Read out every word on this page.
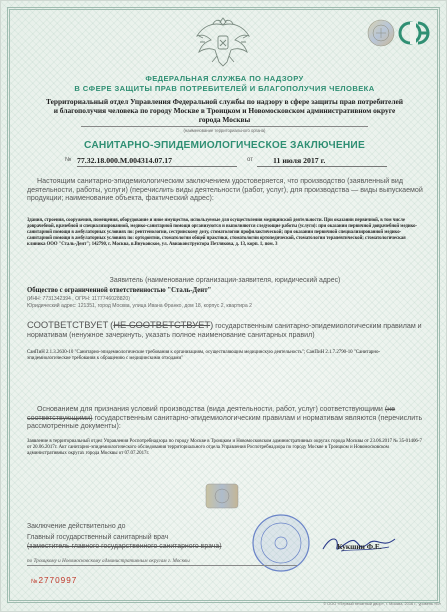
ФЕДЕРАЛЬНАЯ СЛУЖБА ПО НАДЗОРУ
В СФЕРЕ ЗАЩИТЫ ПРАВ ПОТРЕБИТЕЛЕЙ И БЛАГОПОЛУЧИЯ ЧЕЛОВЕКА
Территориальный отдел Управления Федеральной службы по надзору в сфере защиты прав потребителей
и благополучия человека по городу Москве в Троицком и Новомосковском административном округе
города Москвы
(наименование территориального органа)
САНИТАРНО-ЭПИДЕМИОЛОГИЧЕСКОЕ ЗАКЛЮЧЕНИЕ
№ 77.32.18.000.М.004314.07.17	от	11 июля 2017 г.
Настоящим санитарно-эпидемиологическим заключением удостоверяется, что производство (заявленный вид деятельности, работы, услуги) (перечислить виды деятельности (работ, услуг), для производства — виды выпускаемой продукции; наименование объекта, фактический адрес):
Здания, строения, сооружения, помещения, оборудование и иное имущество, используемые для осуществления медицинской деятельности. При оказании первичной, в том числе доврачебной, врачебной и специализированной, медико-санитарной помощи организуются и выполняются следующие работы (услуги): при оказании первичной доврачебной медико-санитарной помощи в амбулаторных условиях по: рентгенологии, сестринскому делу, стоматологии профилактической; при оказании первичной специализированной медико-санитарной помощи в амбулаторных условиях по: ортодонтии, стоматологии общей практики, стоматологии ортопедической, стоматологии терапевтической; стоматологическая клиника ООО "Сталь-Дент"; 142790, г. Москва, п.Внуковское, ул. Авиаконструктора Петлякова, д. 13, корп. 1, пом. 3
Заявитель (наименование организации-заявителя, юридический адрес)
Общество с ограниченной ответственностью "Сталь-Дент"
(ИНН: 7731342394 , ОГРН: 1177746028820)
Юридический адрес: 121351, город Москва, улица Ивана Франко, дом 18, корпус 2, квартира 2
СООТВЕТСТВУЕТ (НЕ СООТВЕТСТВУЕТ) государственным санитарно-эпидемиологическим правилам и нормативам (ненужное зачеркнуть, указать полное наименование санитарных правил)
СанПиН 2.1.3.2630-10 "Санитарно-эпидемиологические требования к организациям, осуществляющим медицинскую деятельность"; СанПиН 2.1.7.2790-10 "Санитарно-эпидемиологические требования к обращению с медицинскими отходами"
Основанием для признания условий производства (вида деятельности, работ, услуг) соответствующими (не соответствующими) государственным санитарно-эпидемиологическим правилам и нормативам являются (перечислить рассмотренные документы):
Заявление в территориальный отдел Управления Роспотребнадзора по городу Москве в Троицком и Новомосковском административных округах города Москвы от 23.06.2017 № 35-01406-7 от 20.06.2017г. Акт санитарно-эпидемиологического обследования территориального отдела Управления Роспотребнадзора по городу Москве в Троицком и Новомосковском административных округах города Москвы от 07.07.2017г.
Заключение действительно до
Главный государственный санитарный врач
(заместитель главного государственного санитарного врача)
по Троицкому и Новомосковскому административным округам г. Москвы
Кукшин Ф.Е.
№2770997
© ООО «Первый печатный двор», г. Москва, 2016 г., уровень «Б»
